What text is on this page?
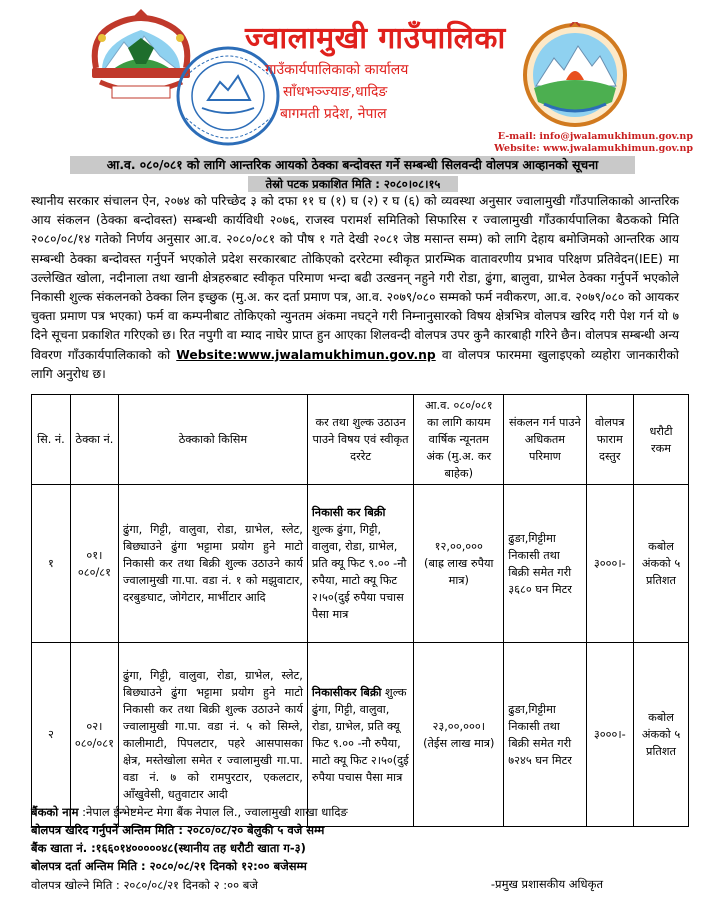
ज्वालामुखी गाउँपालिका
गाउँकार्यपालिकाको कार्यालय
साँधभञ्ज्याङ,धादिङ
बागमती प्रदेश, नेपाल
E-mail: info@jwalamukhimun.gov.np
Website: www.jwalamukhimun.gov.np
आ.व. ०८०/०८१ को लागि आन्तरिक आयको ठेक्का बन्दोवस्त गर्ने सम्बन्धी सिलवन्दी वोलपत्र आव्हानको सूचना
तेस्रो पटक प्रकाशित मिति : २०८०।०८।१५
स्थानीय सरकार संचालन ऐन, २०७४ को परिच्छेद ३ को दफा ११ घ (१) घ (२) र घ (६) को व्यवस्था अनुसार ज्वालामुखी गाँउपालिकाको आन्तरिक आय संकलन (ठेक्का बन्दोवस्त) सम्बन्धी कार्यविधी २०७६, राजस्व परामर्श समितिको सिफारिस र ज्वालामुखी गाँउकार्यपालिका बैठकको मिति २०८०/०८/१४ गतेको निर्णय अनुसार आ.व. २०८०/०८१ को पौष १ गते देखी २०८१ जेष्ठ मसान्त सम्म) को लागि देहाय बमोजिमको आन्तरिक आय सम्बन्धी ठेक्का बन्दोवस्त गर्नुपर्ने भएकोले प्रदेश सरकारबाट तोकिएको दररेटमा स्वीकृत प्रारम्भिक वातावरणीय प्रभाव परिक्षण प्रतिवेदन(IEE) मा उल्लेखित खोला, नदीनाला तथा खानी क्षेत्रहरुबाट स्वीकृत परिमाण भन्दा बढी उत्खनन् नहुने गरी रोडा, ढुंगा, बालुवा, ग्राभेल ठेक्का गर्नुपर्ने भएकोले निकासी शुल्क संकलनको ठेक्का लिन इच्छुक (मु.अ. कर दर्ता प्रमाण पत्र, आ.व. २०७९/०८० सम्मको फर्म नवीकरण, आ.व. २०७९/०८० को आयकर चुक्ता प्रमाण पत्र भएका) फर्म वा कम्पनीबाट तोकिएको न्युनतम अंकमा नघट्ने गरी निम्नानुसारको विषय क्षेत्रभित्र वोलपत्र खरिद गरी पेश गर्न यो ७ दिने सूचना प्रकाशित गरिएको छ। रित नपुगी वा म्याद नाघेर प्राप्त हुन आएका शिलवन्दी वोलपत्र उपर कुनै कारबाही गरिने छैन। वोलपत्र सम्बन्धी अन्य विवरण गाँउकार्यपालिकाको को Website:www.jwalamukhimun.gov.np वा वोलपत्र फारममा खुलाइएको व्यहोरा जानकारीको लागि अनुरोध छ।
सि. नं.	ठेक्का नं.	ठेक्काको किसिम	कर तथा शुल्क उठाउन पाउने विषय एवं स्वीकृत दररेट	आ.व. ०८०/०८१ का लागि कायम वार्षिक न्यूनतम अंक (मु.अ. कर बाहेक)	संकलन गर्न पाउने अधिकतम परिमाण	वोलपत्र फाराम दस्तुर	धरौटी रकम
१	०१।०८०/८१	ढुंगा, गिट्टी, वालुवा, रोडा, ग्राभेल, स्लेट, बिछ्याउने ढुंगा भट्टामा प्रयोग हुने माटो निकासी कर तथा बिक्री शुल्क उठाउने कार्य ज्वालामुखी गा.पा. वडा नं. १ को मझुवाटार, दरबुङघाट, जोगेटार, मार्भीटार आदि	निकासी कर बिक्री शुल्क ढुंगा, गिट्टी, वालुवा, रोडा, ग्राभेल, प्रति क्यू फिट ९.०० -नौ रुपैया, माटो क्यू फिट २।५०(दुई रुपैया पचास पैसा मात्र	१२,००,०००
(बाह्र लाख रुपैया मात्र)	ढुङा,गिट्टीमा निकासी तथा बिक्री समेत गरी ३६८० घन मिटर	३०००।-	कबोल अंकको ५ प्रतिशत
२	०२।०८०/०८१	ढुंगा, गिट्टी, वालुवा, रोडा, ग्राभेल, स्लेट, बिछ्याउने ढुंगा भट्टामा प्रयोग हुने माटो निकासी कर तथा बिक्री शुल्क उठाउने कार्य ज्वालामुखी गा.पा. वडा नं. ५ को सिम्ले, कालीमाटी, पिपलटार, पहरे आसपासका क्षेत्र, मस्तेखोला समेत र ज्वालामुखी गा.पा. वडा नं. ७ को रामपुरटार, एकलटार, आँखुवेसी, धतुवाटार आदी	निकासीकर बिक्री शुल्क ढुंगा, गिट्टी, वालुवा, रोडा, ग्राभेल, प्रति क्यू फिट ९.०० -नौ रुपैया, माटो क्यू फिट २।५०(दुई रुपैया पचास पैसा मात्र	२३,००,०००।
(तेईस लाख मात्र)	ढुङा,गिट्टीमा निकासी तथा बिक्री समेत गरी ७२४५ घन मिटर	३०००।-	कबोल अंकको ५ प्रतिशत
बैंकको नाम :नेपाल ईन्भेष्टमेन्ट मेगा बैंक नेपाल लि., ज्वालामुखी शाखा धादिङ
बोलपत्र खरिद गर्नुपर्ने अन्तिम मिति : २०८०/०८/२० बेलुकी ५ वजे सम्म
बैंक खाता नं. :१६६०१४०००००४८(स्थानीय तह धरौटी खाता ग-३)
बोलपत्र दर्ता अन्तिम मिति : २०८०/०८/२१ दिनको १२:०० बजेसम्म
वोलपत्र खोल्ने मिति : २०८०/०८/२१ दिनको २ :०० बजे	-प्रमुख प्रशासकीय अधिकृत
